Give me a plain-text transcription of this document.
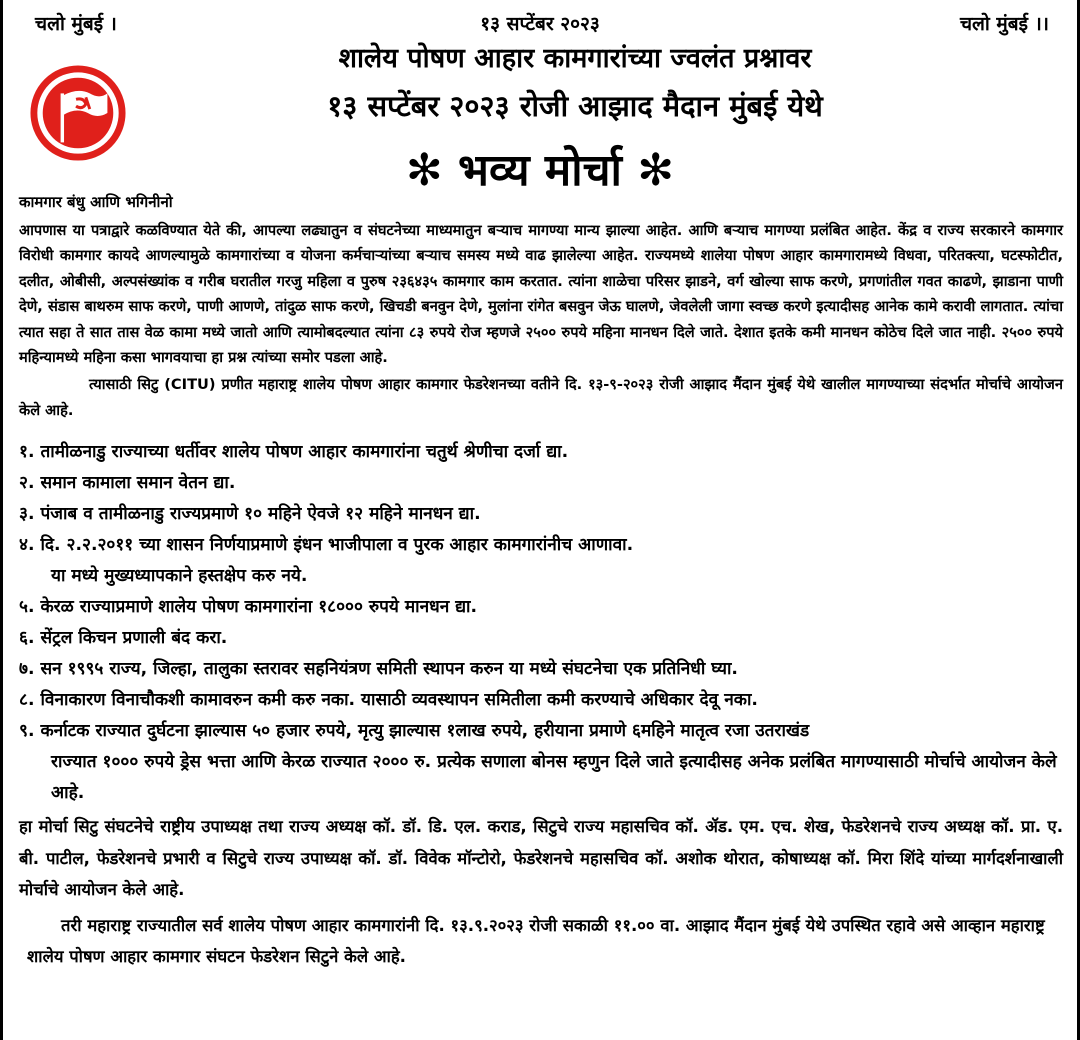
चलो मुंबई ।	१३ सप्टेंबर २०२३	चलो मुंबई ।।
शालेय पोषण आहार कामगारांच्या ज्वलंत प्रश्नावर
१३ सप्टेंबर २०२३ रोजी आझाद मैदान मुंबई येथे
✻ भव्य मोर्चा ✻
कामगार बंधु आणि भगिनीनो

आपणास या पत्राद्वारे कळविण्यात येते की, आपल्या लढ्यातुन व संघटनेच्या माध्यमातुन बऱ्याच मागण्या मान्य झाल्या आहेत. आणि बऱ्याच मागण्या प्रलंबित आहेत. केंद्र व राज्य सरकारने कामगार विरोधी कामगार कायदे आणल्यामुळे कामगारांच्या व योजना कर्मचाऱ्यांच्या बऱ्याच समस्य मध्ये वाढ झालेल्या आहेत. राज्यमध्ये शालेया पोषण आहार कामगारामध्ये विधवा, परितक्त्या, घटस्फोटीत, दलीत, ओबीसी, अल्पसंख्यांक व गरीब घरातील गरजु महिला व पुरुष २३६४३५ कामगार काम करतात. त्यांना शाळेचा परिसर झाडने, वर्ग खोल्या साफ करणे, प्रगणांतील गवत काढणे, झाडाना पाणी देणे, संडास बाथरुम साफ करणे, पाणी आणणे, तांदुळ साफ करणे, खिचडी बनवुन देणे, मुलांना रांगेत बसवुन जेऊ घालणे, जेवलेली जागा स्वच्छ करणे इत्यादीसह आनेक कामे करावी लागतात. त्यांचा त्यात सहा ते सात तास वेळ कामा मध्ये जातो आणि त्यामोबदल्यात त्यांना ८३ रुपये रोज म्हणजे २५०० रुपये महिना मानधन दिले जाते. देशात इतके कमी मानधन कोठेच दिले जात नाही. २५०० रुपये महिन्यामध्ये महिना कसा भागवयाचा हा प्रश्न त्यांच्या समोर पडला आहे.

त्यासाठी सिटु (CITU) प्रणीत महाराष्ट्र शालेय पोषण आहार कामगार फेडरेशनच्या वतीने दि. १३-९-२०२३ रोजी आझाद मैंदान मुंबई येथे खालील मागण्याच्या संदर्भात मोर्चाचे आयोजन केले आहे.

१. तामीळनाडु राज्याच्या धर्तीवर शालेय पोषण आहार कामगारांना चतुर्थ श्रेणीचा दर्जा द्या.
२. समान कामाला समान वेतन द्या.
३. पंजाब व तामीळनाडु राज्यप्रमाणे १० महिने ऐवजे १२ महिने मानधन द्या.
४. दि. २.२.२०११ च्या शासन निर्णयाप्रमाणे इंधन भाजीपाला व पुरक आहार कामगारांनीच आणावा.
या मध्ये मुख्यध्यापकाने हस्तक्षेप करु नये.
५. केरळ राज्याप्रमाणे शालेय पोषण कामगारांना १८००० रुपये मानधन द्या.
६. सेंट्रल किचन प्रणाली बंद करा.
७. सन १९९५ राज्य, जिल्हा, तालुका स्तरावर सहनियंत्रण समिती स्थापन करुन या मध्ये संघटनेचा एक प्रतिनिधी घ्या.
८. विनाकारण विनाचौकशी कामावरुन कमी करु नका. यासाठी व्यवस्थापन समितीला कमी करण्याचे अधिकार देवू नका.
९. कर्नाटक राज्यात दुर्घटना झाल्यास ५० हजार रुपये, मृत्यु झाल्यास १लाख रुपये, हरीयाना प्रमाणे ६महिने मातृत्व रजा उतराखंड
राज्यात १००० रुपये ड्रेस भत्ता आणि केरळ राज्यात २००० रु. प्रत्येक सणाला बोनस म्हणुन दिले जाते इत्यादीसह अनेक प्रलंबित मागण्यासाठी मोर्चाचे आयोजन केले आहे.

हा मोर्चा सिटु संघटनेचे राष्ट्रीय उपाध्यक्ष तथा राज्य अध्यक्ष कॉ. डॉ. डि. एल. कराड, सिटुचे राज्य महासचिव कॉ. ॲड. एम. एच. शेख, फेडरेशनचे राज्य अध्यक्ष कॉ. प्रा. ए. बी. पाटील, फेडरेशनचे प्रभारी व सिटुचे राज्य उपाध्यक्ष कॉ. डॉ. विवेक मॉन्टोरो, फेडरेशनचे महासचिव कॉ. अशोक थोरात, कोषाध्यक्ष कॉ. मिरा शिंदे यांच्या मार्गदर्शनाखाली मोर्चाचे आयोजन केले आहे.

तरी महाराष्ट्र राज्यातील सर्व शालेय पोषण आहार कामगारांनी दि. १३.९.२०२३ रोजी सकाळी ११.०० वा. आझाद मैंदान मुंबई येथे उपस्थित रहावे असे आव्हान महाराष्ट्र शालेय पोषण आहार कामगार संघटन फेडरेशन सिटुने केले आहे.
